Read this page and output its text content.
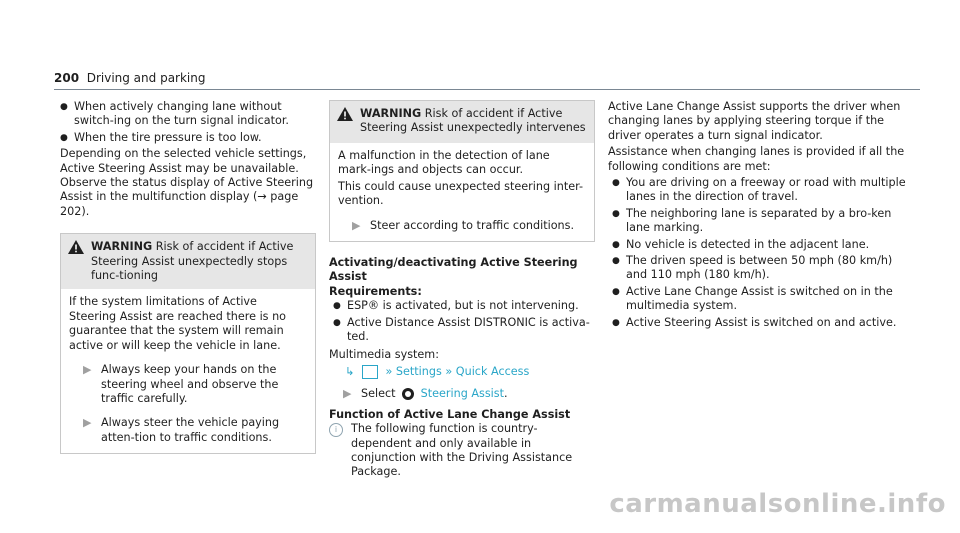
200 Driving and parking
● When actively changing lane without switch-ing on the turn signal indicator.
● When the tire pressure is too low.

Depending on the selected vehicle settings, Active Steering Assist may be unavailable. Observe the status display of Active Steering Assist in the multifunction display (→ page 202).

WARNING Risk of accident if Active Steering Assist unexpectedly stops func-tioning

If the system limitations of Active Steering Assist are reached there is no guarantee that the system will remain active or will keep the vehicle in lane.

▶ Always keep your hands on the steering wheel and observe the traffic carefully.
▶ Always steer the vehicle paying atten-tion to traffic conditions.
WARNING Risk of accident if Active Steering Assist unexpectedly intervenes

A malfunction in the detection of lane mark-ings and objects can occur.

This could cause unexpected steering inter-vention.

▶ Steer according to traffic conditions.

Activating/deactivating Active Steering Assist

Requirements:

● ESP® is activated, but is not intervening.
● Active Distance Assist DISTRONIC is activa-ted.

Multimedia system:

↳	» Settings » Quick Access

▶ Select Steering Assist.

Function of Active Lane Change Assist

i	The following function is country-dependent and only available in conjunction with the Driving Assistance Package.

Active Lane Change Assist supports the driver when changing lanes by applying steering torque if the driver operates a turn signal indicator.

Assistance when changing lanes is provided if all the following conditions are met:

● You are driving on a freeway or road with multiple lanes in the direction of travel.
● The neighboring lane is separated by a bro-ken lane marking.
● No vehicle is detected in the adjacent lane.
● The driven speed is between 50 mph (80 km/h) and 110 mph (180 km/h).
● Active Lane Change Assist is switched on in the multimedia system.
● Active Steering Assist is switched on and active.
carmanualsonline.info
